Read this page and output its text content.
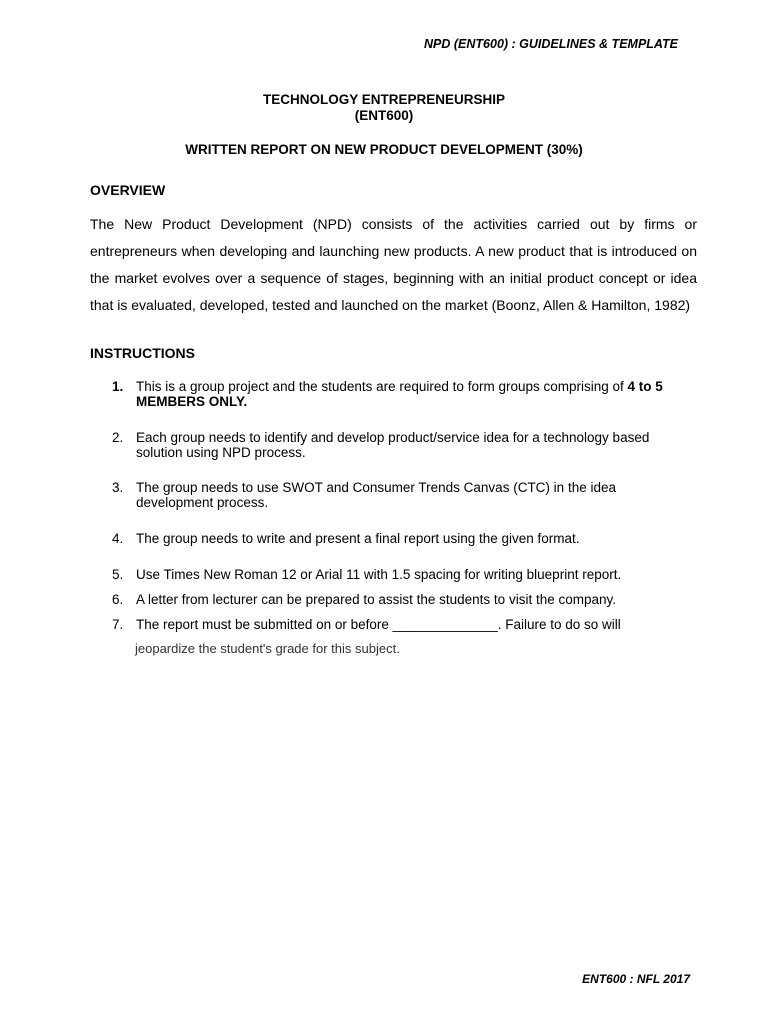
NPD (ENT600) : GUIDELINES & TEMPLATE
TECHNOLOGY ENTREPRENEURSHIP
(ENT600)
WRITTEN REPORT ON NEW PRODUCT DEVELOPMENT (30%)
OVERVIEW
The New Product Development (NPD) consists of the activities carried out by firms or entrepreneurs when developing and launching new products. A new product that is introduced on the market evolves over a sequence of stages, beginning with an initial product concept or idea that is evaluated, developed, tested and launched on the market (Boonz, Allen & Hamilton, 1982)
INSTRUCTIONS
1. This is a group project and the students are required to form groups comprising of 4 to 5 MEMBERS ONLY.
2. Each group needs to identify and develop product/service idea for a technology based solution using NPD process.
3. The group needs to use SWOT and Consumer Trends Canvas (CTC) in the idea development process.
4. The group needs to write and present a final report using the given format.
5. Use Times New Roman 12 or Arial 11 with 1.5 spacing for writing blueprint report.
6. A letter from lecturer can be prepared to assist the students to visit the company.
7. The report must be submitted on or before ______________. Failure to do so will
jeopardize the student's grade for this subject.
ENT600 : NFL 2017
